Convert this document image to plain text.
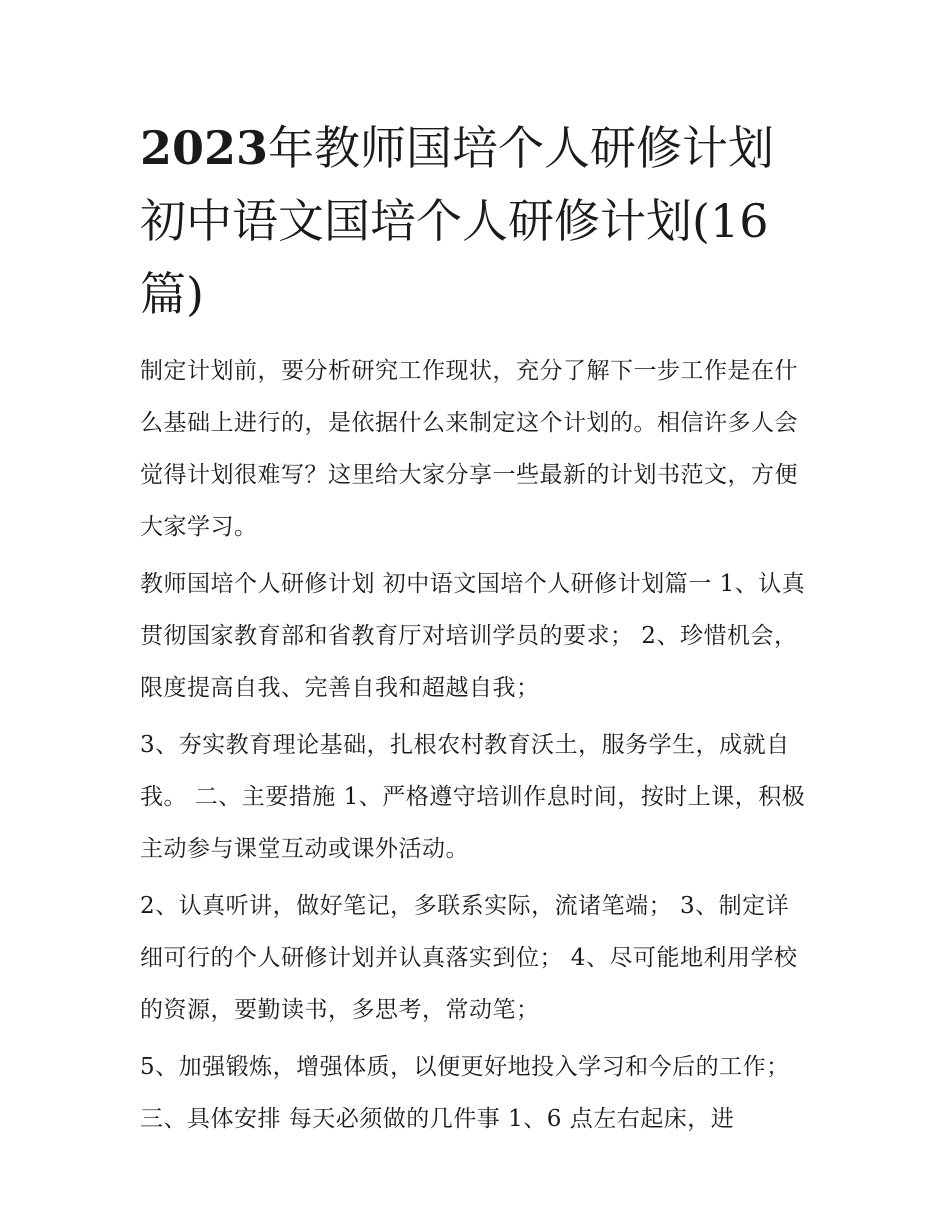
2023年教师国培个人研修计划 初中语文国培个人研修计划(16篇)

制定计划前，要分析研究工作现状，充分了解下一步工作是在什么基础上进行的，是依据什么来制定这个计划的。相信许多人会觉得计划很难写？这里给大家分享一些最新的计划书范文，方便大家学习。

教师国培个人研修计划 初中语文国培个人研修计划篇一 1、认真贯彻国家教育部和省教育厅对培训学员的要求； 2、珍惜机会，限度提高自我、完善自我和超越自我；

3、夯实教育理论基础，扎根农村教育沃土，服务学生，成就自我。 二、主要措施 1、严格遵守培训作息时间，按时上课，积极主动参与课堂互动或课外活动。

2、认真听讲，做好笔记，多联系实际，流诸笔端； 3、制定详细可行的个人研修计划并认真落实到位； 4、尽可能地利用学校的资源，要勤读书，多思考，常动笔；

5、加强锻炼，增强体质，以便更好地投入学习和今后的工作； 三、具体安排 每天必须做的几件事 1、6 点左右起床，进
